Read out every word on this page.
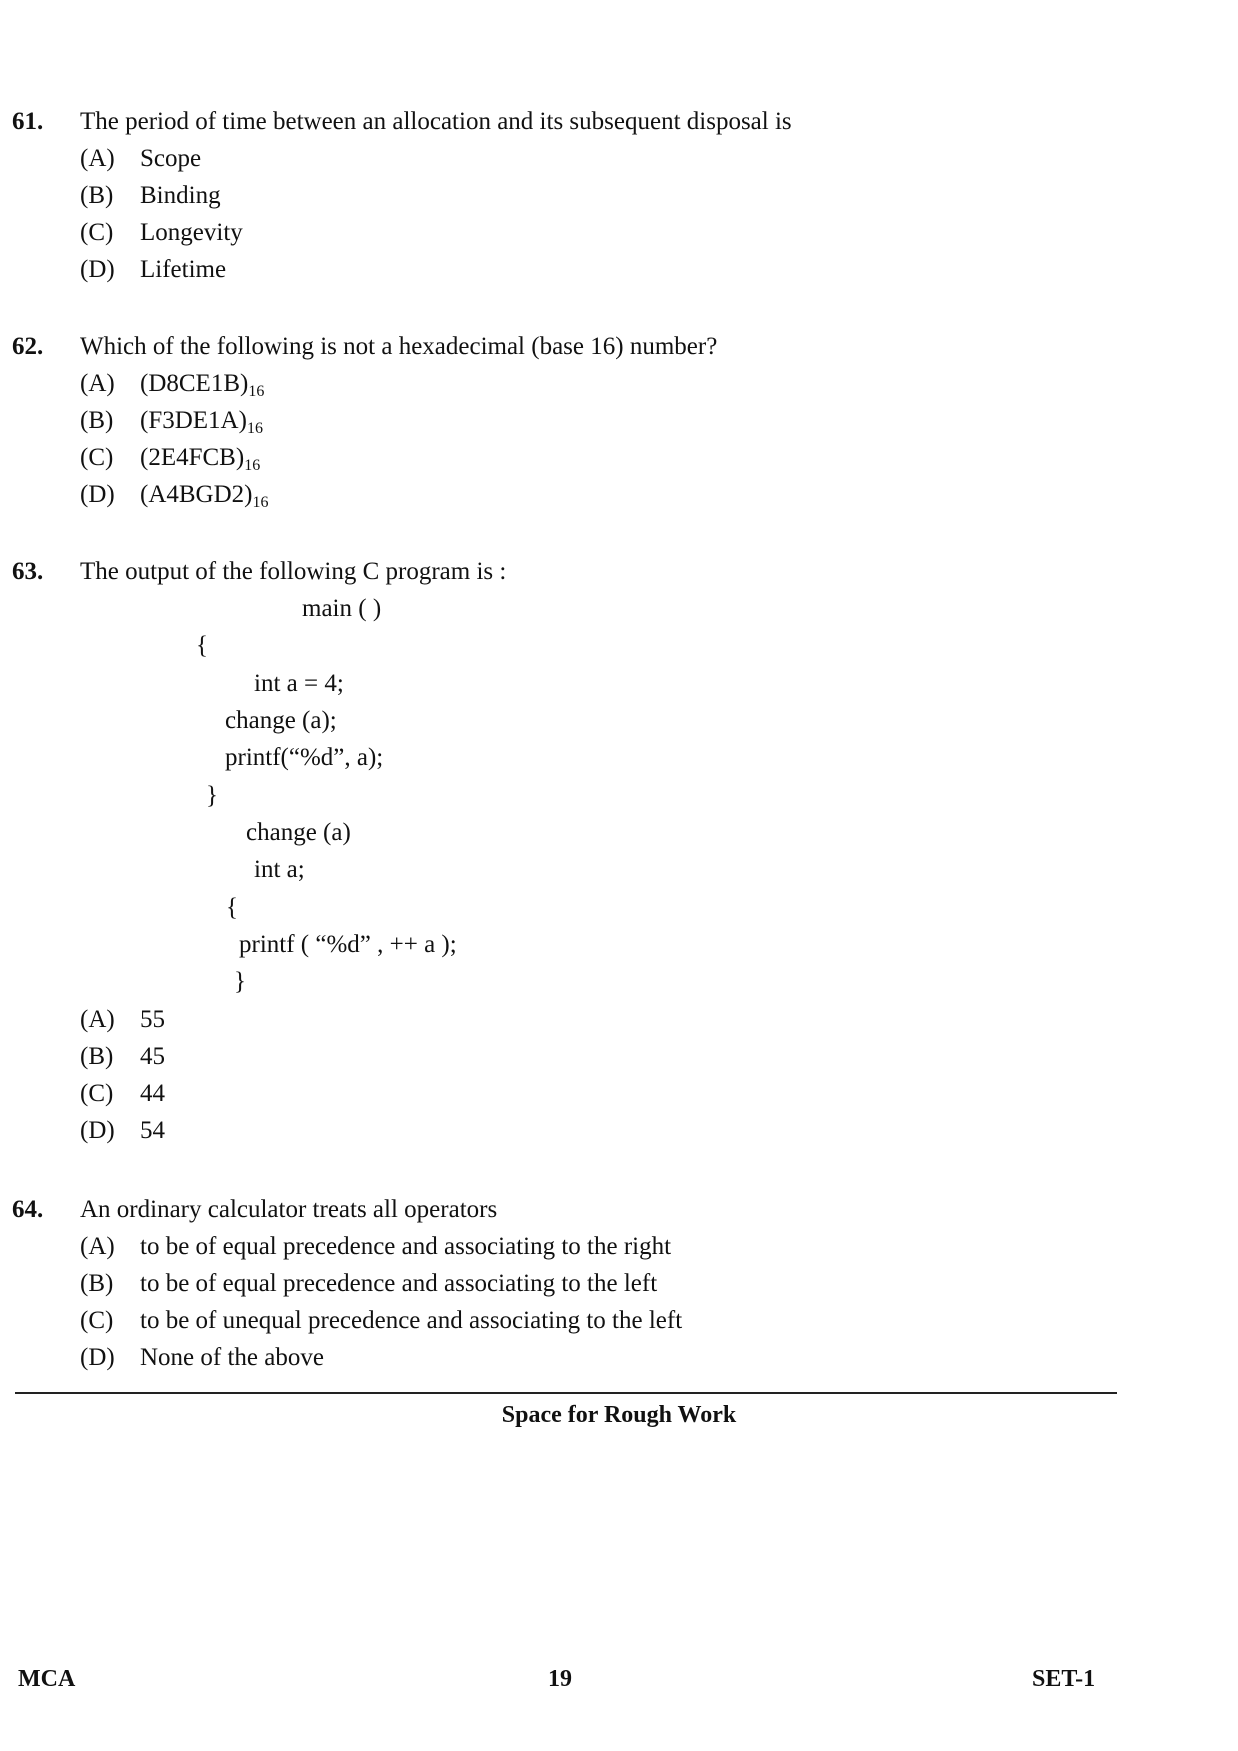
61. The period of time between an allocation and its subsequent disposal is
(A) Scope
(B) Binding
(C) Longevity
(D) Lifetime
62. Which of the following is not a hexadecimal (base 16) number?
(A) $(D8CE1B)_{16}$
(B) $(F3DE1A)_{16}$
(C) $(2E4FCB)_{16}$
(D) $(A4BGD2)_{16}$
63. The output of the following C program is :
main ( )
{
int a = 4;
change (a);
printf(“%d”, a);
}
change (a)
int a;
{
printf ( “%d” , ++ a );
}
(A) 55
(B) 45
(C) 44
(D) 54
64. An ordinary calculator treats all operators
(A) to be of equal precedence and associating to the right
(B) to be of equal precedence and associating to the left
(C) to be of unequal precedence and associating to the left
(D) None of the above
Space for Rough Work
MCA	19	SET-1
